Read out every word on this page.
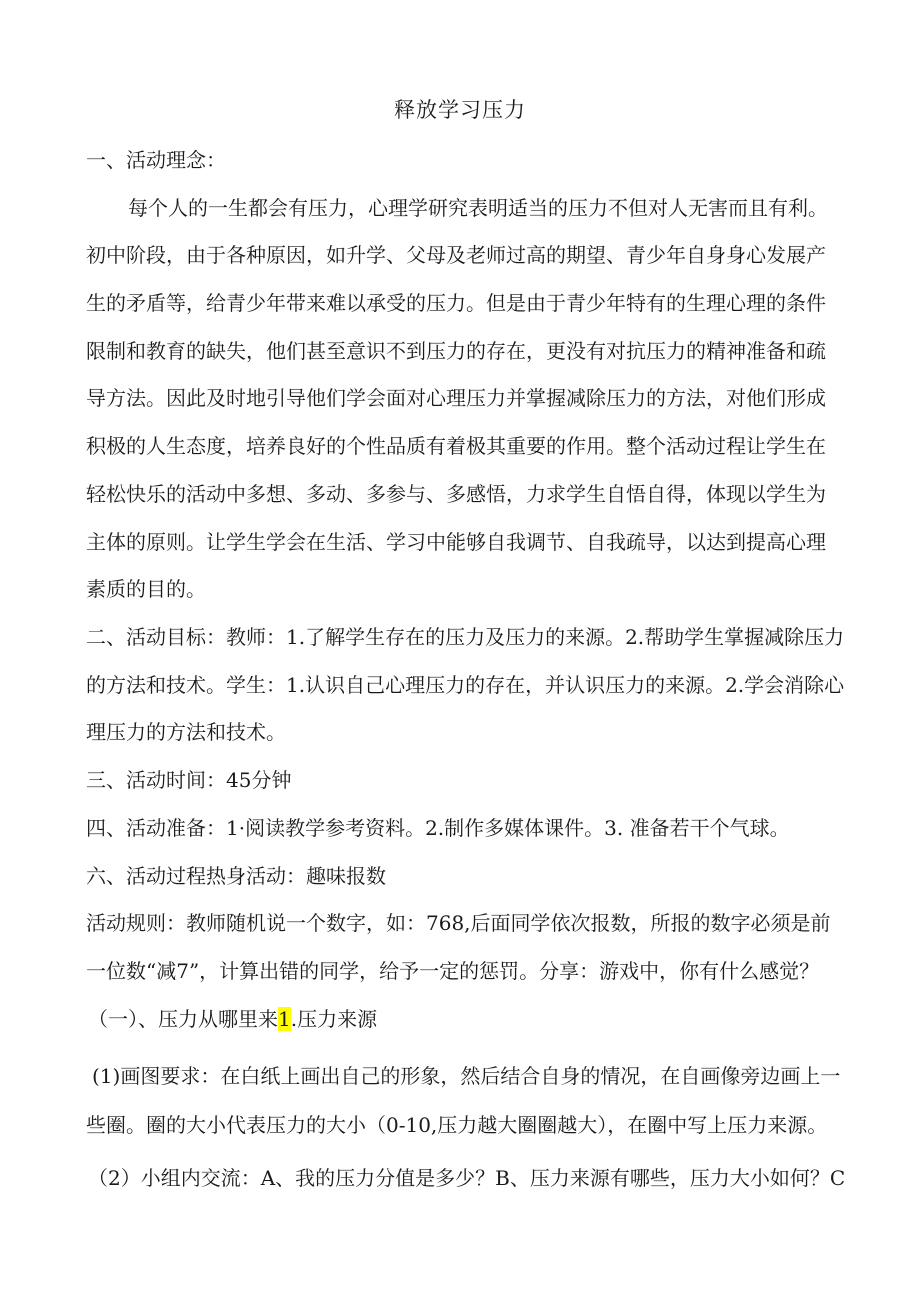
释放学习压力
一、活动理念：
每个人的一生都会有压力，心理学研究表明适当的压力不但对人无害而且有利。
初中阶段，由于各种原因，如升学、父母及老师过高的期望、青少年自身身心发展产
生的矛盾等，给青少年带来难以承受的压力。但是由于青少年特有的生理心理的条件
限制和教育的缺失，他们甚至意识不到压力的存在，更没有对抗压力的精神准备和疏
导方法。因此及时地引导他们学会面对心理压力并掌握减除压力的方法，对他们形成
积极的人生态度，培养良好的个性品质有着极其重要的作用。整个活动过程让学生在
轻松快乐的活动中多想、多动、多参与、多感悟，力求学生自悟自得，体现以学生为
主体的原则。让学生学会在生活、学习中能够自我调节、自我疏导，以达到提高心理
素质的目的。
二、活动目标：教师：1.了解学生存在的压力及压力的来源。2.帮助学生掌握减除压力
的方法和技术。学生：1.认识自己心理压力的存在，并认识压力的来源。2.学会消除心
理压力的方法和技术。
三、活动时间：45分钟
四、活动准备：1·阅读教学参考资料。2.制作多媒体课件。3. 准备若干个气球。
六、活动过程热身活动：趣味报数
活动规则：教师随机说一个数字，如：768,后面同学依次报数，所报的数字必须是前
一位数“减7”，计算出错的同学，给予一定的惩罚。分享：游戏中，你有什么感觉？
（一）、压力从哪里来1.压力来源
(1)画图要求：在白纸上画出自己的形象，然后结合自身的情况，在自画像旁边画上一
些圈。圈的大小代表压力的大小（0-10,压力越大圈圈越大），在圈中写上压力来源。
（2）小组内交流：A、我的压力分值是多少？B、压力来源有哪些，压力大小如何？C
